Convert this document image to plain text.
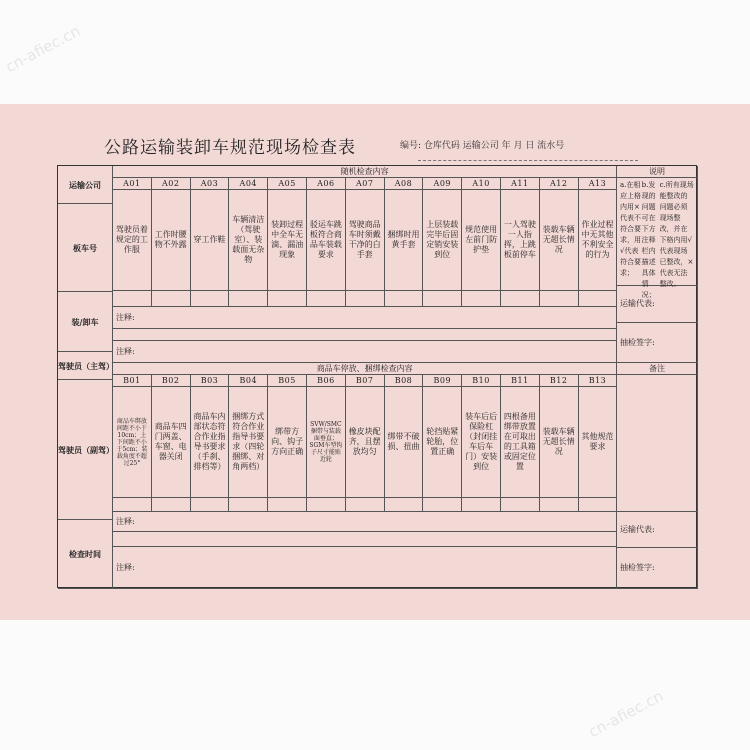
cn-afiec.cn
cn-afiec.cn
公路运输装卸车规范现场检查表	编号: 仓库代码 运输公司 年 月 日 流水号
运输公司
板车号
装/卸车
驾驶员（主驾）
驾驶员（副驾）
检查时间
随机检查内容
A01
驾驶员着规定的工作服
A02
工作时腰物不外露
A03
穿工作鞋
A04
车辆清洁（驾驶室）、装载面无杂物
A05
装卸过程中全车无滴、漏油现象
A06
驳运车跳板符合商品车装载要求
A07
驾驶商品车时须戴干净的白手套
A08
捆绑时用黄手套
A09
上层装载完毕后固定销安装到位
A10
规范使用左前门防护垫
A11
一人驾驶一人指挥，上跳板前停车
A12
装载车辆无超长情况
A13
作业过程中无其他不利安全的行为
注释:
注释:
商品车停放、捆绑检查内容
B01
商品车绑放间距不小于10cm；上下间距不小于5cm；装载角度不超过25°
B02
商品车四门两盖、车窗、电器关闭
B03
商品车内部状态符合作业指导书要求（手刹、排档等）
B04
捆绑方式符合作业指导书要求（四轮捆绑、对角两档）
B05
绑带方向、钩子方向正确
B06
SVW/SMC捆带与装载面垂直；SGM车型钩子尺寸能贴近轮
B07
橡皮块配齐，且摆放均匀
B08
绑带不破损、扭曲
B09
轮挡贴紧轮胎，位置正确
B10
装车后后保险杠（封闭挂车后车门）安装到位
B11
四根备用绑带放置在可取出的工具箱或固定位置
B12
装载车辆无超长情况
B13
其他规范要求
注释:
注释:
说明
a.在相应上格内用×代表不符合要求，用√代表符合要求；
b.发现的问题可在下方注释栏内描述具体情况；
c.所有现场能整改的问题必须现场整改，并在下格内用√代表现场已整改，×代表无法整改。
运输代表:
抽检签字:
备注
运输代表:
抽检签字:
